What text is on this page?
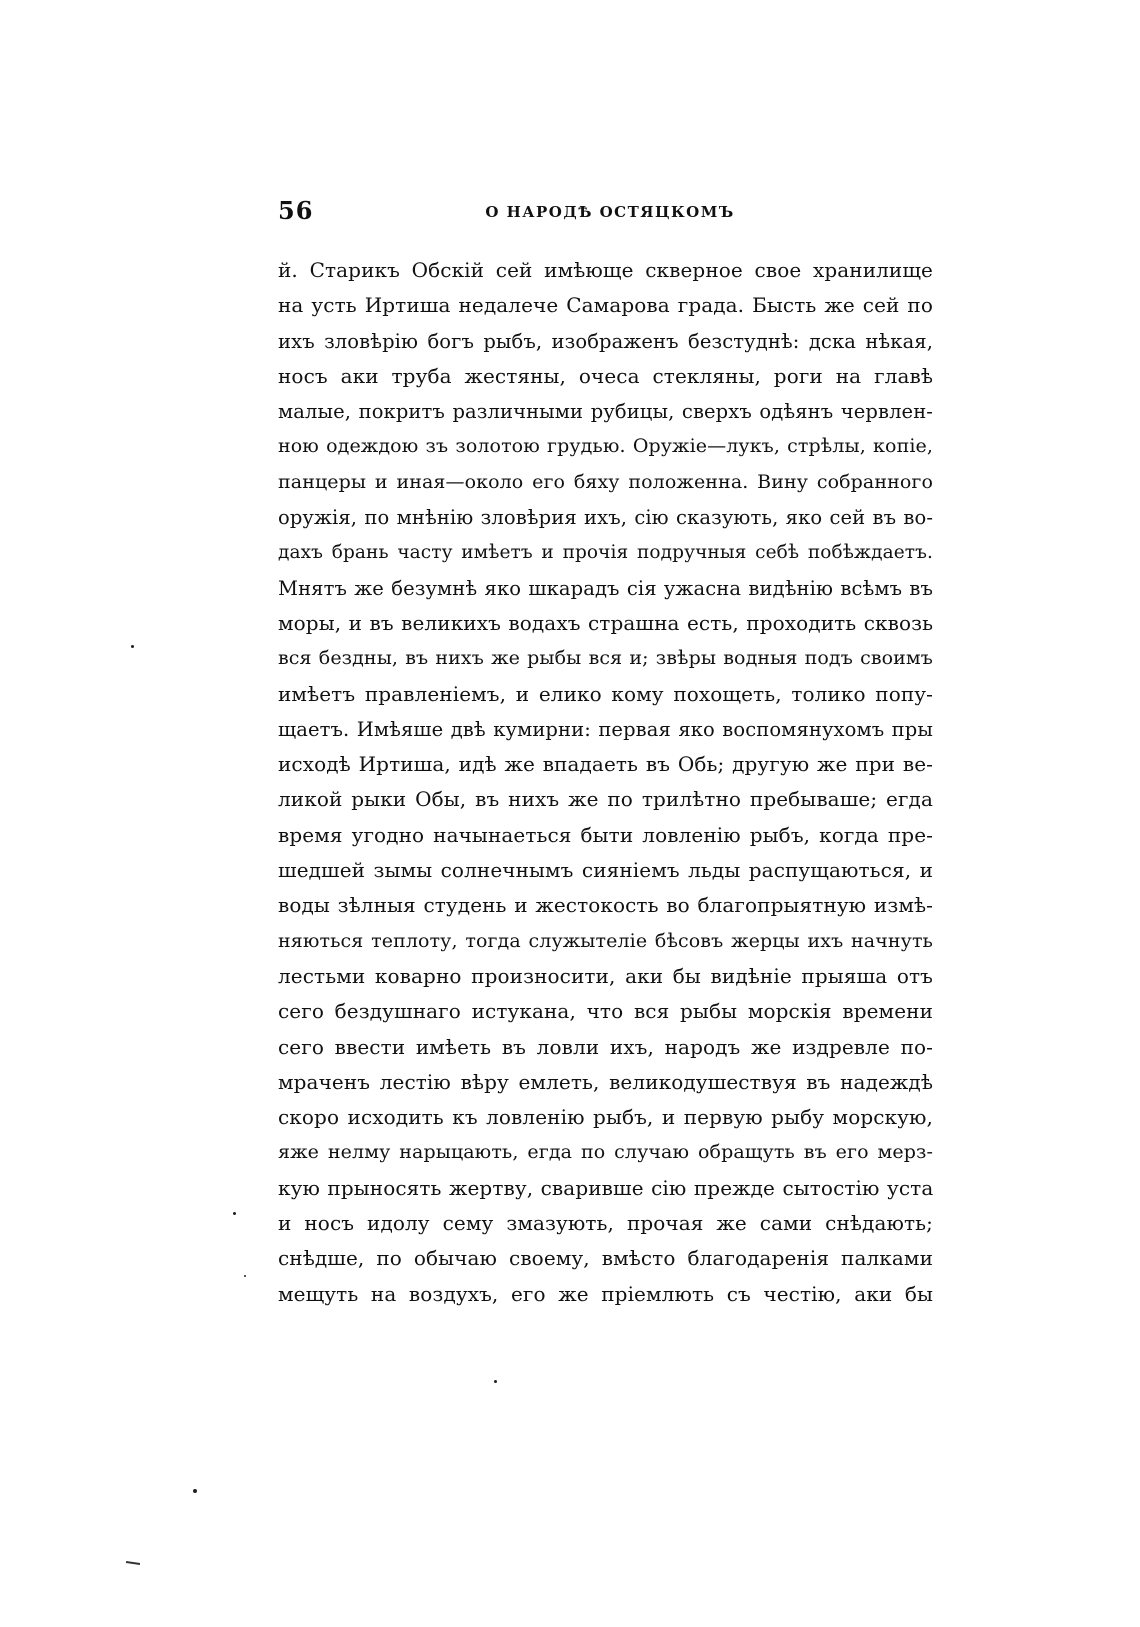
56	О НАРОДѢ ОСТЯЦКОМЪ
й. Старикъ Обскій сей имѣюще скверное свое хранилище
на усть Иртиша недалече Самарова града. Бысть же сей по
ихъ зловѣрію богъ рыбъ, изображенъ безстуднѣ: дска нѣкая,
носъ аки труба жестяны, очеса стекляны, роги на главѣ
малые, покритъ различными рубицы, сверхъ одѣянъ червлен-
ною одеждою зъ золотою грудью. Оружіе—лукъ, стрѣлы, копіе,
панцеры и иная—около его бяху положенна. Вину собранного
оружія, по мнѣнію зловѣрия ихъ, сію сказують, яко сей въ во-
дахъ брань часту имѣетъ и прочія подручныя себѣ побѣждаетъ.
Мнятъ же безумнѣ яко шкарадъ сія ужасна видѣнію всѣмъ въ
моры, и въ великихъ водахъ страшна есть, проходить сквозь
вся бездны, въ нихъ же рыбы вся и; звѣры водныя подъ своимъ
имѣетъ правленіемъ, и елико кому похощеть, толико попу-
щаетъ. Имѣяше двѣ кумирни: первая яко воспомянухомъ пры
исходѣ Иртиша, идѣ же впадаеть въ Обь; другую же при ве-
ликой рыки Обы, въ нихъ же по трилѣтно пребываше; егда
время угодно начынаеться быти ловленію рыбъ, когда пре-
шедшей зымы солнечнымъ сияніемъ льды распущаються, и
воды зѣлныя студень и жестокость во благопрыятную измѣ-
няються теплоту, тогда служытеліе бѣсовъ жерцы ихъ начнуть
лестьми коварно произносити, аки бы видѣніе прыяша отъ
сего бездушнаго истукана, что вся рыбы морскія времени
сего ввести имѣеть въ ловли ихъ, народъ же издревле по-
мраченъ лестію вѣру емлеть, великодушествуя въ надеждѣ
скоро исходить къ ловленію рыбъ, и первую рыбу морскую,
яже нелму нарыцають, егда по случаю обращуть въ его мерз-
кую прыносять жертву, сваривше сію прежде сытостію уста
и носъ идолу сему змазують, прочая же сами снѣдають;
снѣдше, по обычаю своему, вмѣсто благодаренія палками
мещуть на воздухъ, его же пріемлють съ честію, аки бы
